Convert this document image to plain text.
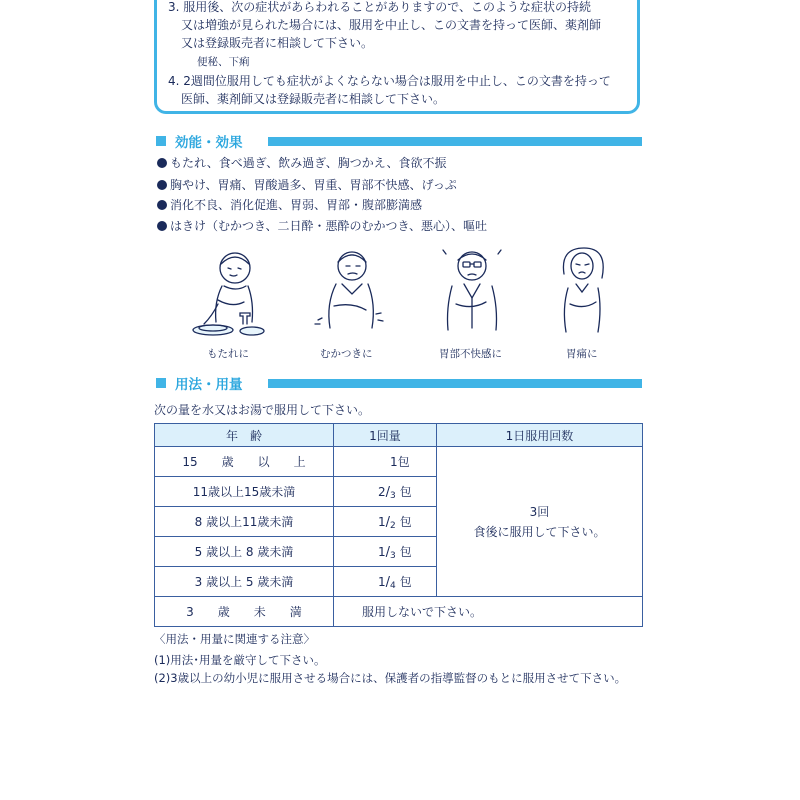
3. 服用後、次の症状があらわれることがありますので、このような症状の持続
又は増強が見られた場合には、服用を中止し、この文書を持って医師、薬剤師
又は登録販売者に相談して下さい。
便秘、下痢
4. 2週間位服用しても症状がよくならない場合は服用を中止し、この文書を持って
医師、薬剤師又は登録販売者に相談して下さい。
効能・効果
もたれ、食べ過ぎ、飲み過ぎ、胸つかえ、食欲不振
胸やけ、胃痛、胃酸過多、胃重、胃部不快感、げっぷ
消化不良、消化促進、胃弱、胃部・腹部膨満感
はきけ（むかつき、二日酔・悪酔のむかつき、悪心）、嘔吐
もたれに	むかつきに	胃部不快感に	胃痛に
用法・用量
次の量を水又はお湯で服用して下さい。
年　齢	1回量	1日服用回数
15　　歳　　以　　上	1包	3回
食後に服用して下さい。

11歳以上15歳未満	2/3 包	

8 歳以上11歳未満	1/2 包	

5 歳以上 8 歳未満	1/3 包	

3 歳以上 5 歳未満	1/4 包	

3　　歳　　未　　満	服用しないで下さい。	
〈用法・用量に関連する注意〉
(1)用法･用量を厳守して下さい。
(2)3歳以上の幼小児に服用させる場合には、保護者の指導監督のもとに服用させて下さい。
